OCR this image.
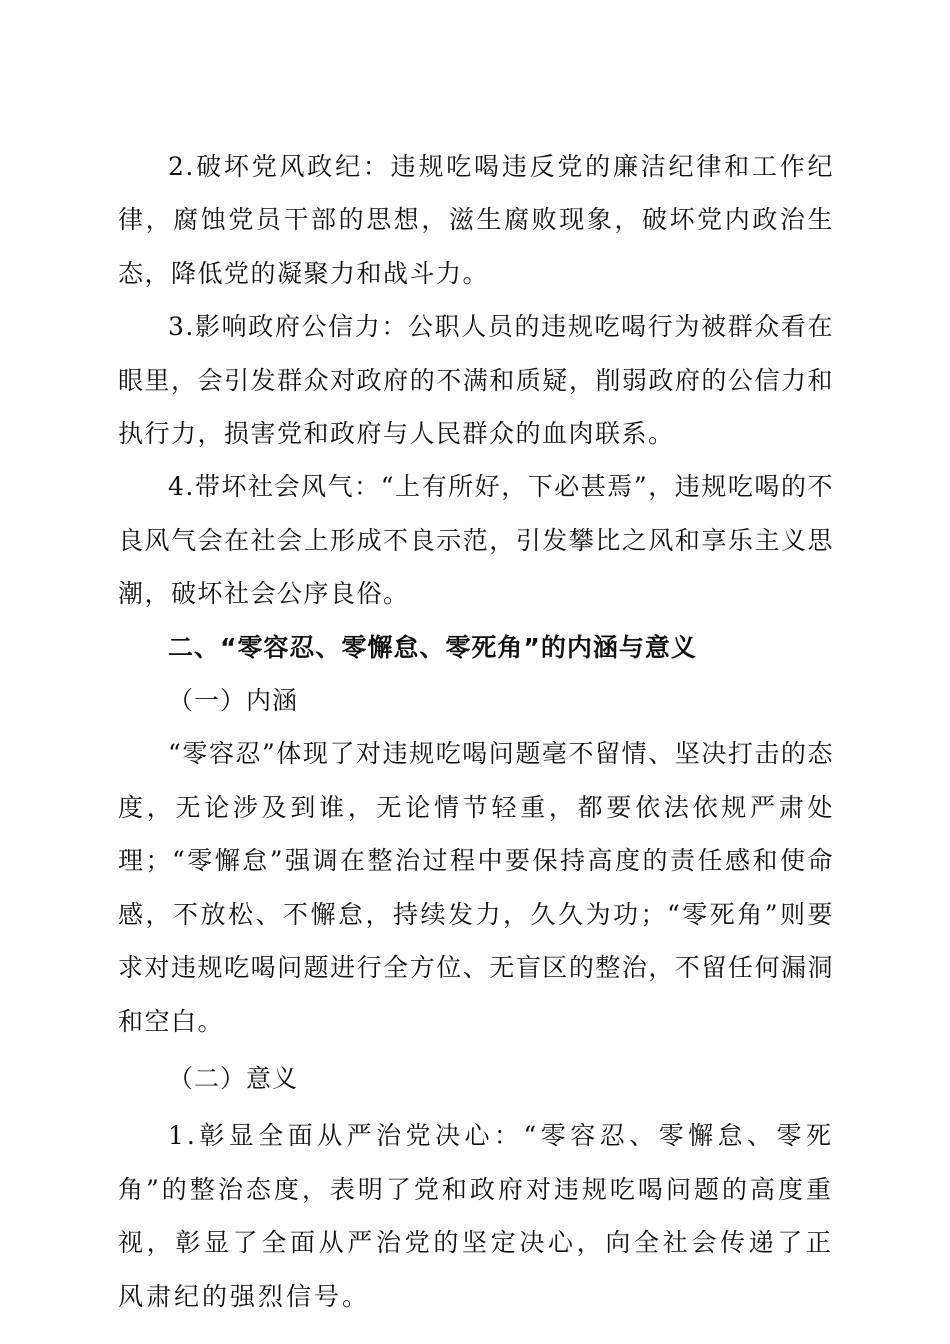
2.破坏党风政纪：违规吃喝违反党的廉洁纪律和工作纪律，腐蚀党员干部的思想，滋生腐败现象，破坏党内政治生态，降低党的凝聚力和战斗力。

3.影响政府公信力：公职人员的违规吃喝行为被群众看在眼里，会引发群众对政府的不满和质疑，削弱政府的公信力和执行力，损害党和政府与人民群众的血肉联系。

4.带坏社会风气：“上有所好，下必甚焉”，违规吃喝的不良风气会在社会上形成不良示范，引发攀比之风和享乐主义思潮，破坏社会公序良俗。

二、“零容忍、零懈怠、零死角”的内涵与意义

（一）内涵

“零容忍”体现了对违规吃喝问题毫不留情、坚决打击的态度，无论涉及到谁，无论情节轻重，都要依法依规严肃处理；“零懈怠”强调在整治过程中要保持高度的责任感和使命感，不放松、不懈怠，持续发力，久久为功；“零死角”则要求对违规吃喝问题进行全方位、无盲区的整治，不留任何漏洞和空白。

（二）意义

1.彰显全面从严治党决心：“零容忍、零懈怠、零死角”的整治态度，表明了党和政府对违规吃喝问题的高度重视，彰显了全面从严治党的坚定决心，向全社会传递了正风肃纪的强烈信号。
